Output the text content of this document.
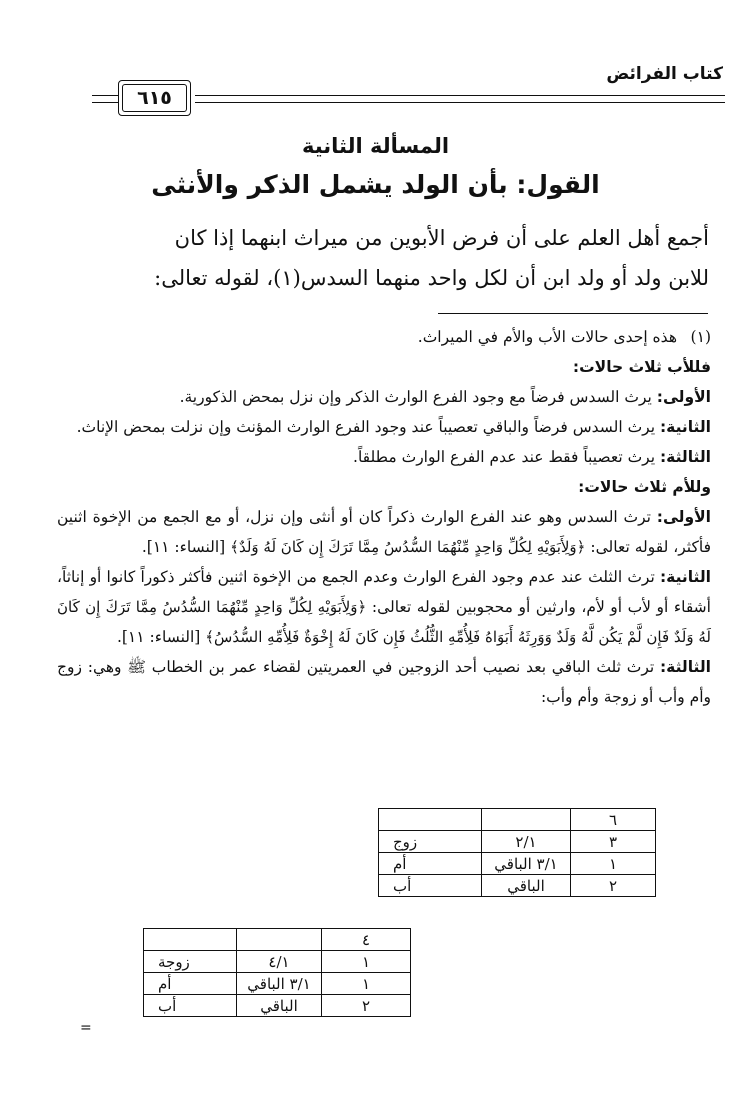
كتاب الفرائض
٦١٥
المسألة الثانية
القول: بأن الولد يشمل الذكر والأنثى

أجمع أهل العلم على أن فرض الأبوين من ميراث ابنهما إذا كان

للابن ولد أو ولد ابن أن لكل واحد منهما السدس(١)، لقوله تعالى:

(١)

هذه إحدى حالات الأب والأم في الميراث.

فللأب ثلاث حالات:

الأولى: يرث السدس فرضاً مع وجود الفرع الوارث الذكر وإن نزل بمحض الذكورية.

الثانية: يرث السدس فرضاً والباقي تعصيباً عند وجود الفرع الوارث المؤنث وإن نزلت بمحض الإناث.

الثالثة: يرث تعصيباً فقط عند عدم الفرع الوارث مطلقاً.

وللأم ثلاث حالات:

الأولى: ترث السدس وهو عند الفرع الوارث ذكراً كان أو أنثى وإن نزل، أو مع الجمع من الإخوة اثنين فأكثر، لقوله تعالى: ﴿وَلِأَبَوَيْهِ لِكُلِّ وَاحِدٍ مِّنْهُمَا السُّدُسُ مِمَّا تَرَكَ إِن كَانَ لَهُ وَلَدٌ﴾ [النساء: ١١].

الثانية: ترث الثلث عند عدم وجود الفرع الوارث وعدم الجمع من الإخوة اثنين فأكثر ذكوراً كانوا أو إناثاً، أشقاء أو لأب أو لأم، وارثين أو محجوبين لقوله تعالى: ﴿وَلِأَبَوَيْهِ لِكُلِّ وَاحِدٍ مِّنْهُمَا السُّدُسُ مِمَّا تَرَكَ إِن كَانَ لَهُ وَلَدٌ فَإِن لَّمْ يَكُن لَّهُ وَلَدٌ وَوَرِثَهُ أَبَوَاهُ فَلِأُمِّهِ الثُّلُثُ فَإِن كَانَ لَهُ إِخْوَةٌ فَلِأُمِّهِ السُّدُسُ﴾ [النساء: ١١].

الثالثة: ترث ثلث الباقي بعد نصيب أحد الزوجين في العمريتين لقضاء عمر بن الخطاب ﷺ وهي: زوج وأم وأب أو زوجة وأم وأب:

٦		
٣	٢/١	زوج
١	٣/١ الباقي	أم
٢	الباقي	أب
٤		
١	٤/١	زوجة
١	٣/١ الباقي	أم
٢	الباقي	أب
=
